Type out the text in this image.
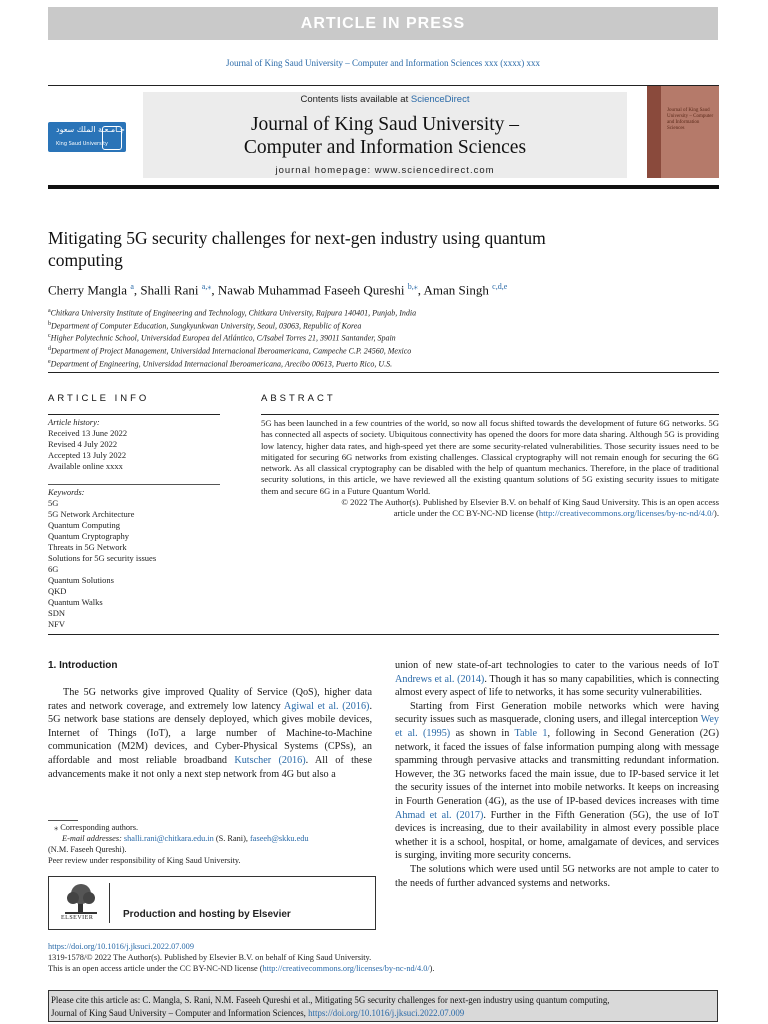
ARTICLE IN PRESS
Journal of King Saud University – Computer and Information Sciences xxx (xxxx) xxx
جـامـعـة الملك سعود
King Saud University
Contents lists available at ScienceDirect
Journal of King Saud University –
Computer and Information Sciences
journal homepage: www.sciencedirect.com
Journal of King Saud University – Computer and Information Sciences
Mitigating 5G security challenges for next-gen industry using quantum
computing
Cherry Mangla $^a$, Shalli Rani $^{a,⁎}$, Nawab Muhammad Faseeh Qureshi $^{b,⁎}$, Aman Singh $^{c,d,e}$
$^a$Chitkara University Institute of Engineering and Technology, Chitkara University, Rajpura 140401, Punjab, India
$^b$Department of Computer Education, Sungkyunkwan University, Seoul, 03063, Republic of Korea
$^c$Higher Polytechnic School, Universidad Europea del Atlántico, C/Isabel Torres 21, 39011 Santander, Spain
$^d$Department of Project Management, Universidad Internacional Iberoamericana, Campeche C.P. 24560, Mexico
$^e$Department of Engineering, Universidad Internacional Iberoamericana, Arecibo 00613, Puerto Rico, U.S.
ARTICLE INFO	ABSTRACT
Article history:
Received 13 June 2022
Revised 4 July 2022
Accepted 13 July 2022
Available online xxxx
Keywords:
5G
5G Network Architecture
Quantum Computing
Quantum Cryptography
Threats in 5G Network
Solutions for 5G security issues
6G
Quantum Solutions
QKD
Quantum Walks
SDN
NFV
5G has been launched in a few countries of the world, so now all focus shifted towards the development of future 6G networks. 5G has connected all aspects of society. Ubiquitous connectivity has opened the doors for more data sharing. Although 5G is providing low latency, higher data rates, and high-speed yet there are some security-related vulnerabilities. Those security issues need to be mitigated for securing 6G networks from existing challenges. Classical cryptography will not remain enough for securing the 6G network. As all classical cryptography can be disabled with the help of quantum mechanics. Therefore, in the place of traditional security solutions, in this article, we have reviewed all the existing quantum solutions of 5G existing security issues to mitigate them and secure 6G in a Future Quantum World.
© 2022 The Author(s). Published by Elsevier B.V. on behalf of King Saud University. This is an open access
article under the CC BY-NC-ND license (http://creativecommons.org/licenses/by-nc-nd/4.0/).
1. Introduction
The 5G networks give improved Quality of Service (QoS), higher data rates and network coverage, and extremely low latency Agiwal et al. (2016). 5G network base stations are densely deployed, which gives mobile devices, Internet of Things (IoT), a large number of Machine-to-Machine communication (M2M) devices, and Cyber-Physical Systems (CPSs), an affordable and most reliable broadband Kutscher (2016). All of these advancements make it not only a next step network from 4G but also a
union of new state-of-art technologies to cater to the various needs of IoT Andrews et al. (2014). Though it has so many capabilities, which is connecting almost every aspect of life to networks, it has some security vulnerabilities.
Starting from First Generation mobile networks which were having security issues such as masquerade, cloning users, and illegal interception Wey et al. (1995) as shown in Table 1, following in Second Generation (2G) network, it faced the issues of false information pumping along with message spamming through pervasive attacks and transmitting redundant information. However, the 3G networks faced the main issue, due to IP-based service it let the security issues of the internet into mobile networks. It keeps on increasing in Fourth Generation (4G), as the use of IP-based devices increases with time Ahmad et al. (2017). Further in the Fifth Generation (5G), the use of IoT devices is increasing, due to their availability in almost every possible place whether it is a school, hospital, or home, amalgamate of devices, and services is surging, inviting more security concerns.
The solutions which were used until 5G networks are not ample to cater to the needs of further advanced systems and networks.
⁎ Corresponding authors.
E-mail addresses: shalli.rani@chitkara.edu.in (S. Rani), faseeh@skku.edu
(N.M. Faseeh Qureshi).
Peer review under responsibility of King Saud University.
ELSEVIER	Production and hosting by Elsevier
https://doi.org/10.1016/j.jksuci.2022.07.009
1319-1578/© 2022 The Author(s). Published by Elsevier B.V. on behalf of King Saud University.
This is an open access article under the CC BY-NC-ND license (http://creativecommons.org/licenses/by-nc-nd/4.0/).
Please cite this article as: C. Mangla, S. Rani, N.M. Faseeh Qureshi et al., Mitigating 5G security challenges for next-gen industry using quantum computing,
Journal of King Saud University – Computer and Information Sciences, https://doi.org/10.1016/j.jksuci.2022.07.009
